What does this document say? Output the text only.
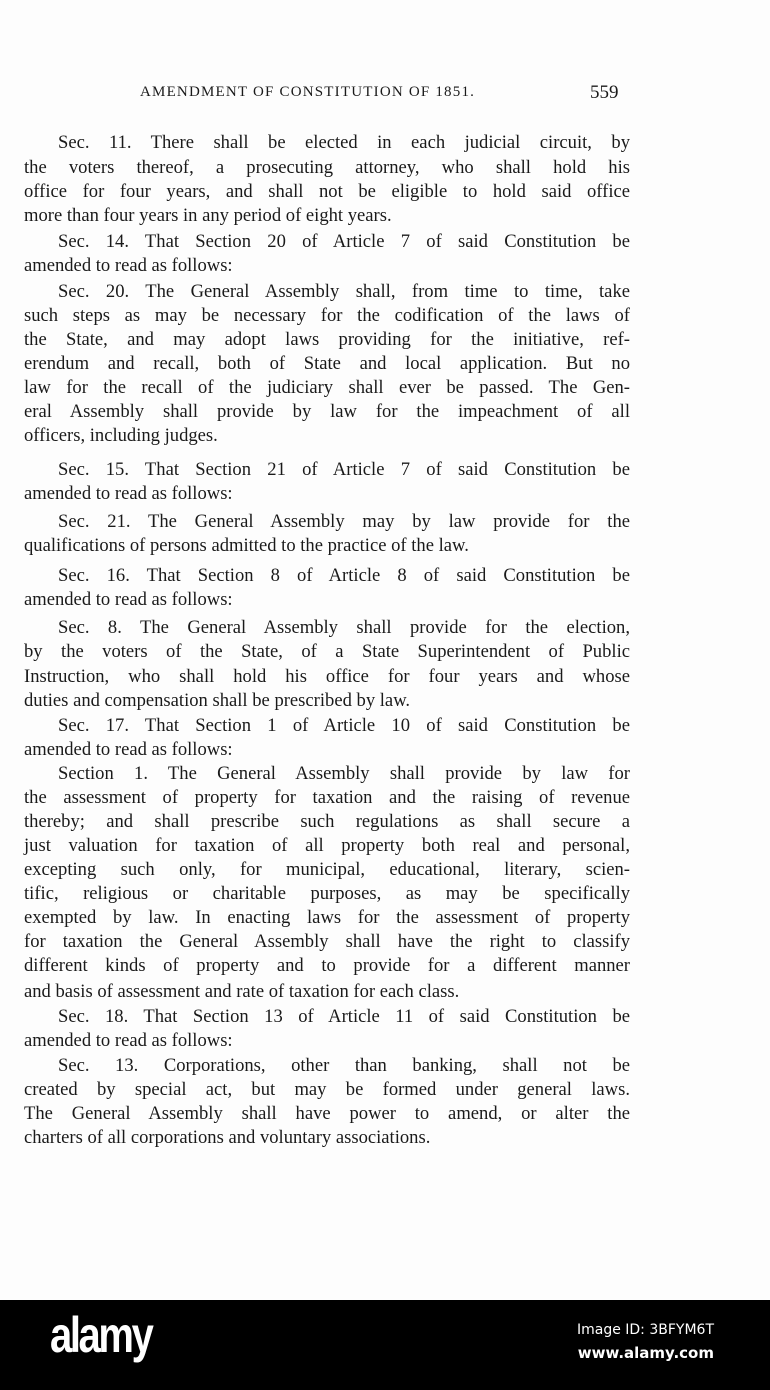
AMENDMENT OF CONSTITUTION OF 1851.	559
Sec. 11. There shall be elected in each judicial circuit, by
the voters thereof, a prosecuting attorney, who shall hold his
office for four years, and shall not be eligible to hold said office
more than four years in any period of eight years.
Sec. 14. That Section 20 of Article 7 of said Constitution be
amended to read as follows:
Sec. 20. The General Assembly shall, from time to time, take
such steps as may be necessary for the codification of the laws of
the State, and may adopt laws providing for the initiative, ref-
erendum and recall, both of State and local application. But no
law for the recall of the judiciary shall ever be passed. The Gen-
eral Assembly shall provide by law for the impeachment of all
officers, including judges.
Sec. 15. That Section 21 of Article 7 of said Constitution be
amended to read as follows:
Sec. 21. The General Assembly may by law provide for the
qualifications of persons admitted to the practice of the law.
Sec. 16. That Section 8 of Article 8 of said Constitution be
amended to read as follows:
Sec. 8. The General Assembly shall provide for the election,
by the voters of the State, of a State Superintendent of Public
Instruction, who shall hold his office for four years and whose
duties and compensation shall be prescribed by law.
Sec. 17. That Section 1 of Article 10 of said Constitution be
amended to read as follows:
Section 1. The General Assembly shall provide by law for
the assessment of property for taxation and the raising of revenue
thereby; and shall prescribe such regulations as shall secure a
just valuation for taxation of all property both real and personal,
excepting such only, for municipal, educational, literary, scien-
tific, religious or charitable purposes, as may be specifically
exempted by law. In enacting laws for the assessment of property
for taxation the General Assembly shall have the right to classify
different kinds of property and to provide for a different manner
and basis of assessment and rate of taxation for each class.
Sec. 18. That Section 13 of Article 11 of said Constitution be
amended to read as follows:
Sec. 13. Corporations, other than banking, shall not be
created by special act, but may be formed under general laws.
The General Assembly shall have power to amend, or alter the
charters of all corporations and voluntary associations.
alamy	Image ID: 3BFYM6T
www.alamy.com
